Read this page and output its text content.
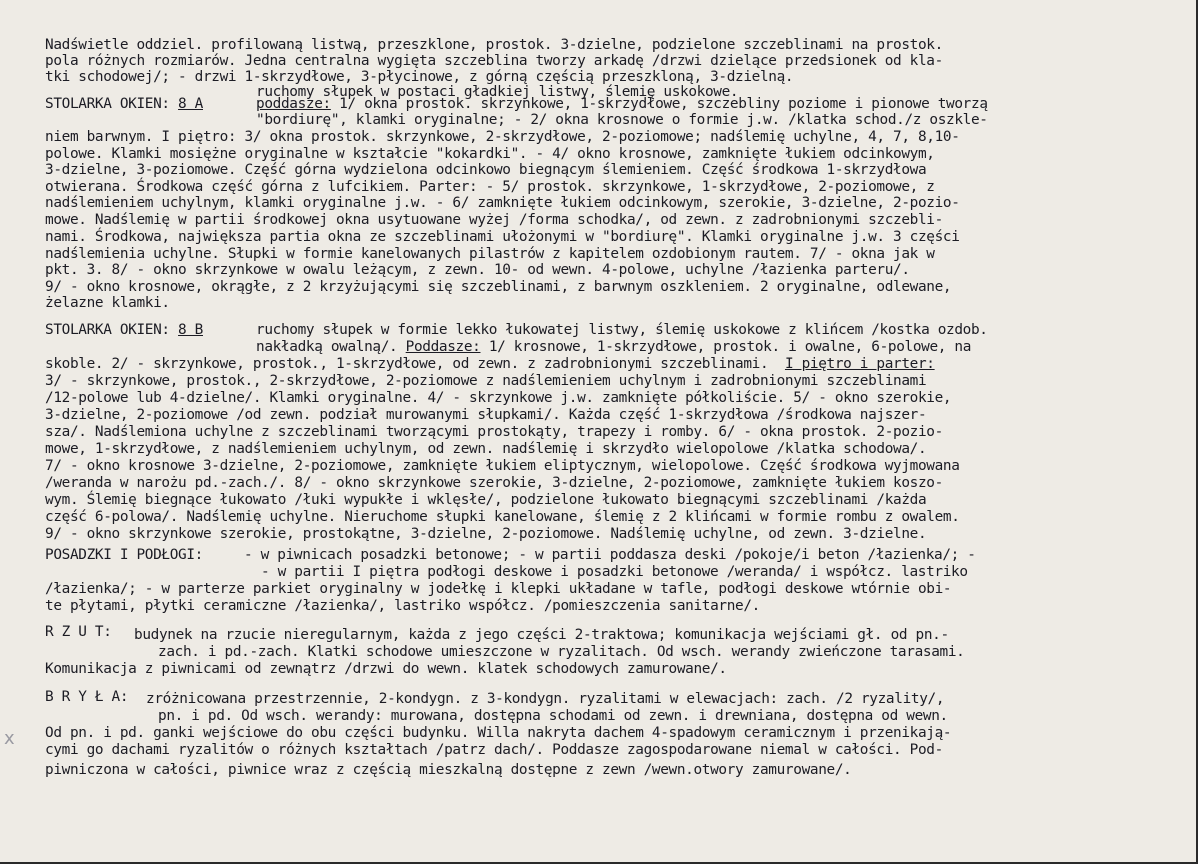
Nadświetle oddziel. profilowaną listwą, przeszklone, prostok. 3-dzielne, podzielone szczeblinami na prostok.
pola różnych rozmiarów. Jedna centralna wygięta szczeblina tworzy arkadę /drzwi dzielące przedsionek od kla-
tki schodowej/; - drzwi 1-skrzydłowe, 3-płycinowe, z górną częścią przeszkloną, 3-dzielną.
ruchomy słupek w postaci gładkiej listwy, ślemię uskokowe.
STOLARKA OKIEN: 8 A	poddasze: 1/ okna prostok. skrzynkowe, 1-skrzydłowe, szczebliny poziome i pionowe tworzą
"bordiurę", klamki oryginalne; - 2/ okna krosnowe o formie j.w. /klatka schod./z oszkle-
niem barwnym. I piętro: 3/ okna prostok. skrzynkowe, 2-skrzydłowe, 2-poziomowe; nadślemię uchylne, 4, 7, 8,10-
polowe. Klamki mosiężne oryginalne w kształcie "kokardki". - 4/ okno krosnowe, zamknięte łukiem odcinkowym,
3-dzielne, 3-poziomowe. Część górna wydzielona odcinkowo biegnącym ślemieniem. Część środkowa 1-skrzydłowa
otwierana. Środkowa część górna z lufcikiem. Parter: - 5/ prostok. skrzynkowe, 1-skrzydłowe, 2-poziomowe, z
nadślemieniem uchylnym, klamki oryginalne j.w. - 6/ zamknięte łukiem odcinkowym, szerokie, 3-dzielne, 2-pozio-
mowe. Nadślemię w partii środkowej okna usytuowane wyżej /forma schodka/, od zewn. z zadrobnionymi szczebli-
nami. Środkowa, największa partia okna ze szczeblinami ułożonymi w "bordiurę". Klamki oryginalne j.w. 3 części
nadślemienia uchylne. Słupki w formie kanelowanych pilastrów z kapitelem ozdobionym rautem. 7/ - okna jak w
pkt. 3. 8/ - okno skrzynkowe w owalu leżącym, z zewn. 10- od wewn. 4-polowe, uchylne /łazienka parteru/.
9/ - okno krosnowe, okrągłe, z 2 krzyżującymi się szczeblinami, z barwnym oszkleniem. 2 oryginalne, odlewane,
żelazne klamki.
STOLARKA OKIEN: 8 B	ruchomy słupek w formie lekko łukowatej listwy, ślemię uskokowe z klińcem /kostka ozdob.
nakładką owalną/. Poddasze: 1/ krosnowe, 1-skrzydłowe, prostok. i owalne, 6-polowe, na
skoble. 2/ - skrzynkowe, prostok., 1-skrzydłowe, od zewn. z zadrobnionymi szczeblinami. I piętro i parter:
3/ - skrzynkowe, prostok., 2-skrzydłowe, 2-poziomowe z nadślemieniem uchylnym i zadrobnionymi szczeblinami
/12-polowe lub 4-dzielne/. Klamki oryginalne. 4/ - skrzynkowe j.w. zamknięte półkoliście. 5/ - okno szerokie,
3-dzielne, 2-poziomowe /od zewn. podział murowanymi słupkami/. Każda część 1-skrzydłowa /środkowa najszer-
sza/. Nadślemiona uchylne z szczeblinami tworzącymi prostokąty, trapezy i romby. 6/ - okna prostok. 2-pozio-
mowe, 1-skrzydłowe, z nadślemieniem uchylnym, od zewn. nadślemię i skrzydło wielopolowe /klatka schodowa/.
7/ - okno krosnowe 3-dzielne, 2-poziomowe, zamknięte łukiem eliptycznym, wielopolowe. Część środkowa wyjmowana
/weranda w narożu pd.-zach./. 8/ - okno skrzynkowe szerokie, 3-dzielne, 2-poziomowe, zamknięte łukiem koszo-
wym. Ślemię biegnące łukowato /łuki wypukłe i wklęsłe/, podzielone łukowato biegnącymi szczeblinami /każda
część 6-polowa/. Nadślemię uchylne. Nieruchome słupki kanelowane, ślemię z 2 klińcami w formie rombu z owalem.
9/ - okno skrzynkowe szerokie, prostokątne, 3-dzielne, 2-poziomowe. Nadślemię uchylne, od zewn. 3-dzielne.
POSADZKI I PODŁOGI:	- w piwnicach posadzki betonowe; - w partii poddasza deski /pokoje/i beton /łazienka/; -
- w partii I piętra podłogi deskowe i posadzki betonowe /weranda/ i współcz. lastriko
/łazienka/; - w parterze parkiet oryginalny w jodełkę i klepki układane w tafle, podłogi deskowe wtórnie obi-
te płytami, płytki ceramiczne /łazienka/, lastriko współcz. /pomieszczenia sanitarne/.
R Z U T: budynek na rzucie nieregularnym, każda z jego części 2-traktowa; komunikacja wejściami gł. od pn.-
zach. i pd.-zach. Klatki schodowe umieszczone w ryzalitach. Od wsch. werandy zwieńczone tarasami.
Komunikacja z piwnicami od zewnątrz /drzwi do wewn. klatek schodowych zamurowane/.
B R Y Ł A: zróżnicowana przestrzennie, 2-kondygn. z 3-kondygn. ryzalitami w elewacjach: zach. /2 ryzality/,
pn. i pd. Od wsch. werandy: murowana, dostępna schodami od zewn. i drewniana, dostępna od wewn.
Od pn. i pd. ganki wejściowe do obu części budynku. Willa nakryta dachem 4-spadowym ceramicznym i przenikają-
cymi go dachami ryzalitów o różnych kształtach /patrz dach/. Poddasze zagospodarowane niemal w całości. Pod-
piwniczona w całości, piwnice wraz z częścią mieszkalną dostępne z zewn /wewn.otwory zamurowane/.
x
